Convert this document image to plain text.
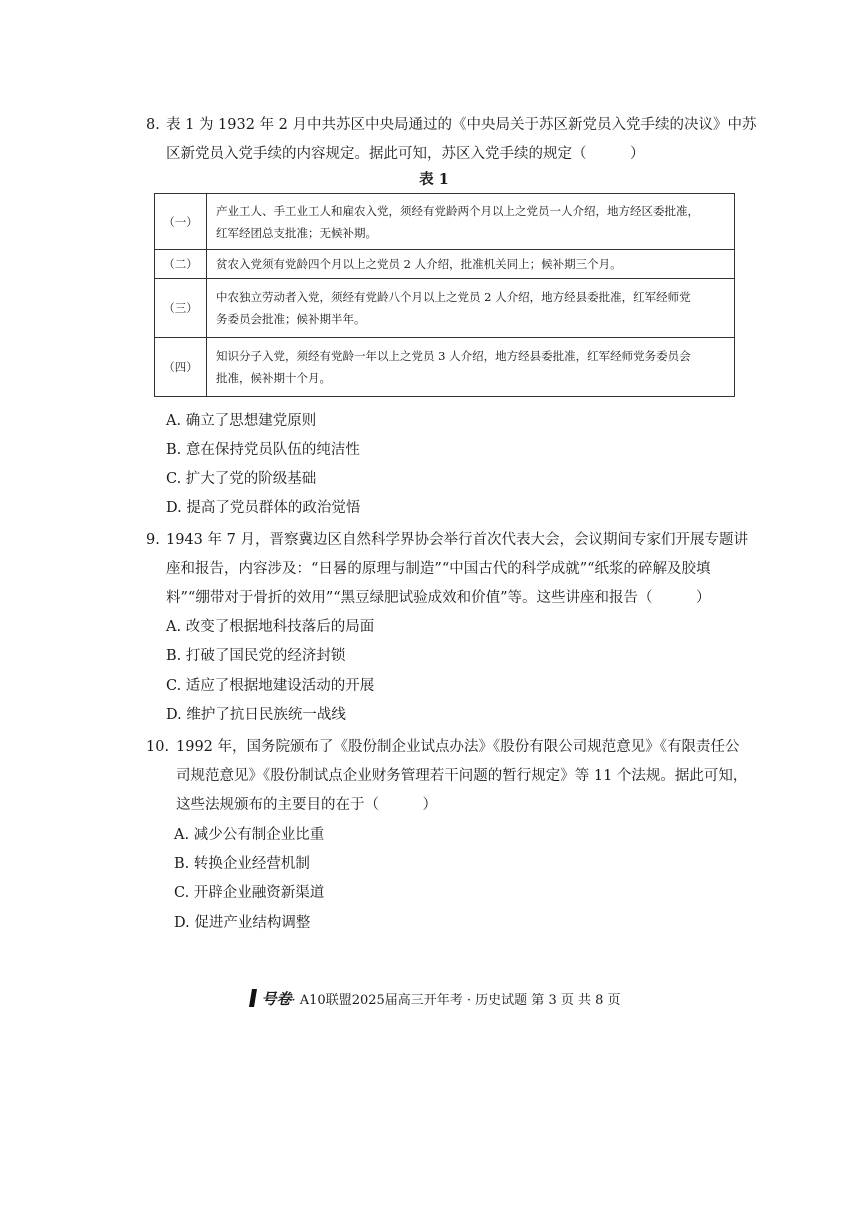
8. 表 1 为 1932 年 2 月中共苏区中央局通过的《中央局关于苏区新党员入党手续的决议》中苏
区新党员入党手续的内容规定。据此可知，苏区入党手续的规定（　　　）
表 1
（一）	产业工人、手工业工人和雇农入党，须经有党龄两个月以上之党员一人介绍，地方经区委批准，
红军经团总支批准；无候补期。

（二）	贫农入党须有党龄四个月以上之党员 2 人介绍，批准机关同上；候补期三个月。

（三）	中农独立劳动者入党，须经有党龄八个月以上之党员 2 人介绍，地方经县委批准，红军经师党
务委员会批准；候补期半年。

（四）	知识分子入党，须经有党龄一年以上之党员 3 人介绍，地方经县委批准，红军经师党务委员会
批准，候补期十个月。
A. 确立了思想建党原则
B. 意在保持党员队伍的纯洁性
C. 扩大了党的阶级基础
D. 提高了党员群体的政治觉悟
9. 1943 年 7 月，晋察冀边区自然科学界协会举行首次代表大会，会议期间专家们开展专题讲
座和报告，内容涉及：“日晷的原理与制造”“中国古代的科学成就”“纸浆的碎解及胶填
料”“绷带对于骨折的效用”“黑豆绿肥试验成效和价值”等。这些讲座和报告（　　　）
A. 改变了根据地科技落后的局面
B. 打破了国民党的经济封锁
C. 适应了根据地建设活动的开展
D. 维护了抗日民族统一战线
10. 1992 年，国务院颁布了《股份制企业试点办法》《股份有限公司规范意见》《有限责任公
司规范意见》《股份制试点企业财务管理若干问题的暂行规定》等 11 个法规。据此可知，
这些法规颁布的主要目的在于（　　　）
A. 减少公有制企业比重
B. 转换企业经营机制
C. 开辟企业融资新渠道
D. 促进产业结构调整
号卷· A10联盟2025届高三开年考 · 历史试题 第 3 页 共 8 页
